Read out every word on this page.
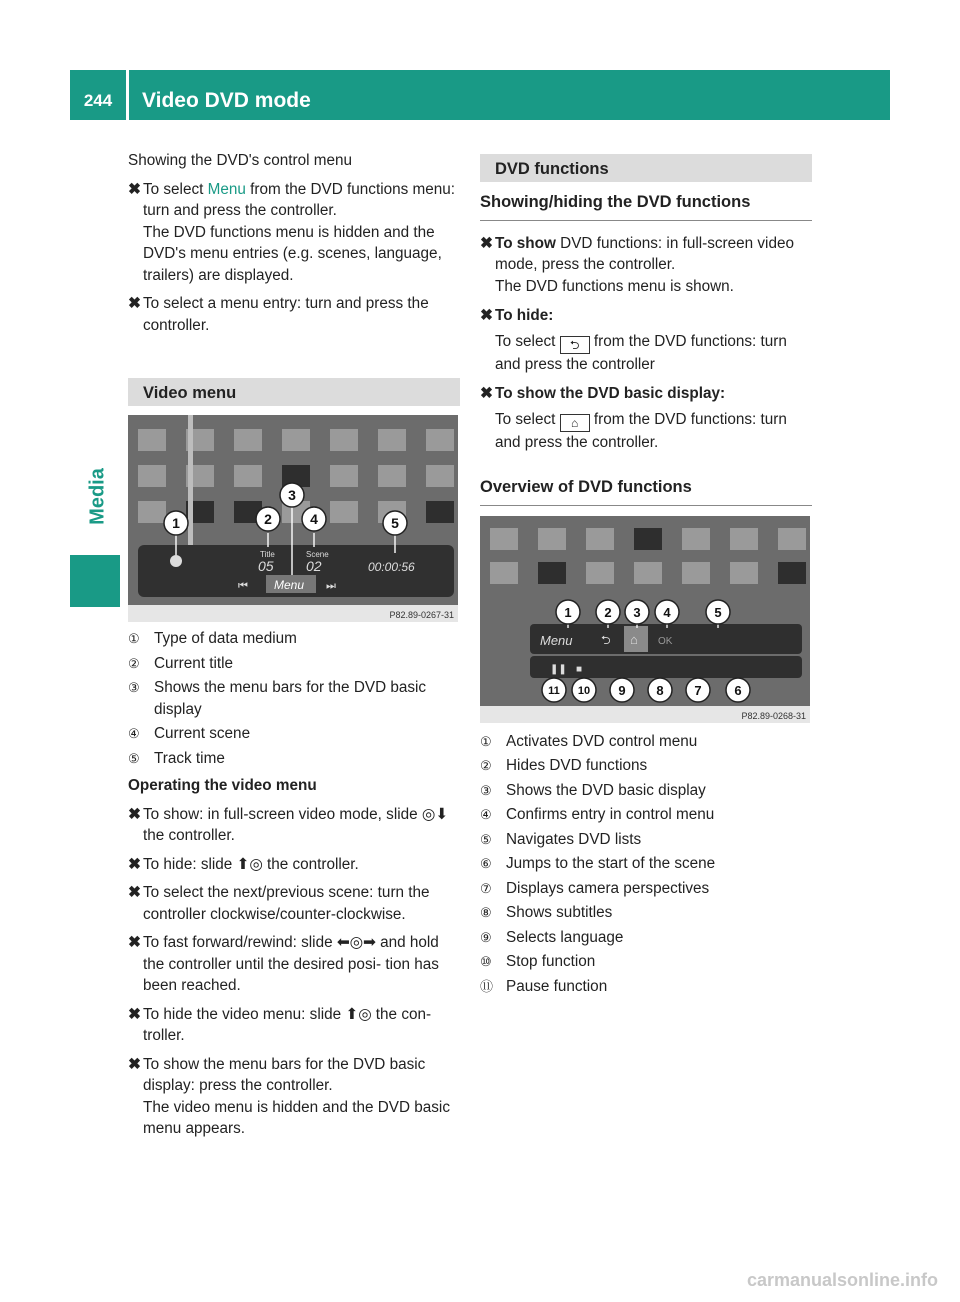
244	Video DVD mode
Media

Showing the DVD's control menu

✖ To select Menu from the DVD functions menu: turn and press the controller.

The DVD functions menu is hidden and the DVD's menu entries (e.g. scenes, language, trailers) are displayed.

✖ To select a menu entry: turn and press the controller.
Video menu
1	2
3
4	5
Title
05
Scene
02	00:00:56
Menu
⏮	⏭
P82.89-0267-31
① Type of data medium
② Current title
③ Shows the menu bars for the DVD basic display
④ Current scene
⑤ Track time

Operating the video menu

✖ To show: in full-screen video mode, slide ◎⬇ the controller.
✖ To hide: slide ⬆◎ the controller.
✖ To select the next/previous scene: turn the controller clockwise/counter-clockwise.
✖ To fast forward/rewind: slide ⬅◎➡ and hold the controller until the desired posi- tion has been reached.
✖ To hide the video menu: slide ⬆◎ the con- troller.
✖ To show the menu bars for the DVD basic display: press the controller.

The video menu is hidden and the DVD basic menu appears.

DVD functions
Showing/hiding the DVD functions
✖ To show DVD functions: in full-screen video mode, press the controller.

The DVD functions menu is shown.

✖ To hide:

To select ⮌ from the DVD functions: turn and press the controller

✖ To show the DVD basic display:

To select ⌂ from the DVD functions: turn and press the controller.

Overview of DVD functions
Menu	OK
⮌ ⌂
❚❚ ■
1	2 3 4	5
11 10 9 8 7	6
P82.89-0268-31
① Activates DVD control menu
② Hides DVD functions
③ Shows the DVD basic display
④ Confirms entry in control menu
⑤ Navigates DVD lists
⑥ Jumps to the start of the scene
⑦ Displays camera perspectives
⑧ Shows subtitles
⑨ Selects language
⑩ Stop function
⑪ Pause function
carmanualsonline.info
